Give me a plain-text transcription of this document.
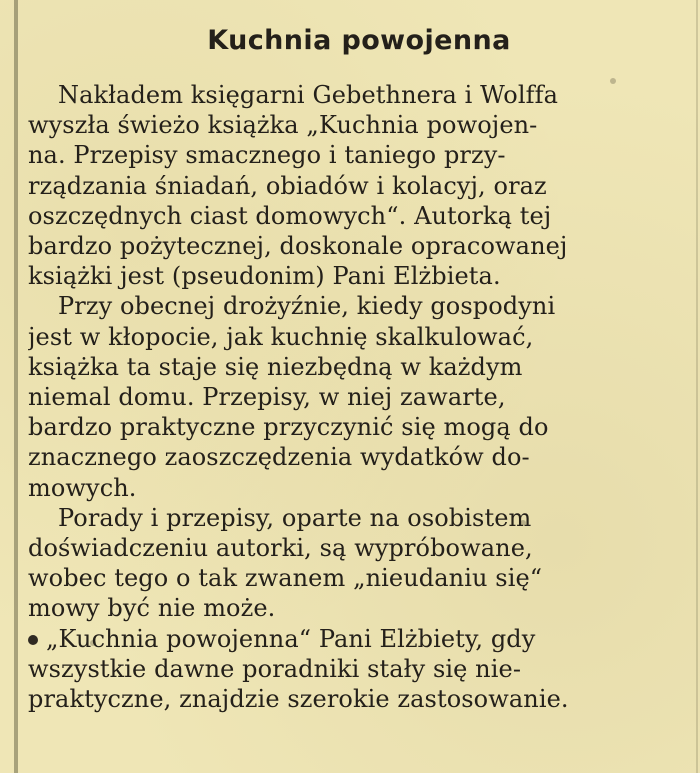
Kuchnia powojenna
Nakładem księgarni Gebethnera i Wolffa
wyszła świeżo książka „Kuchnia powojen-
na. Przepisy smacznego i taniego przy-
rządzania śniadań, obiadów i kolacyj, oraz
oszczędnych ciast domowych“. Autorką tej
bardzo pożytecznej, doskonale opracowanej
książki jest (pseudonim) Pani Elżbieta.
Przy obecnej drożyźnie, kiedy gospodyni
jest w kłopocie, jak kuchnię skalkulować,
książka ta staje się niezbędną w każdym
niemal domu. Przepisy, w niej zawarte,
bardzo praktyczne przyczynić się mogą do
znacznego zaoszczędzenia wydatków do-
mowych.
Porady i przepisy, oparte na osobistem
doświadczeniu autorki, są wypróbowane,
wobec tego o tak zwanem „nieudaniu się“
mowy być nie może.
„Kuchnia powojenna“ Pani Elżbiety, gdy
wszystkie dawne poradniki stały się nie-
praktyczne, znajdzie szerokie zastosowanie.
